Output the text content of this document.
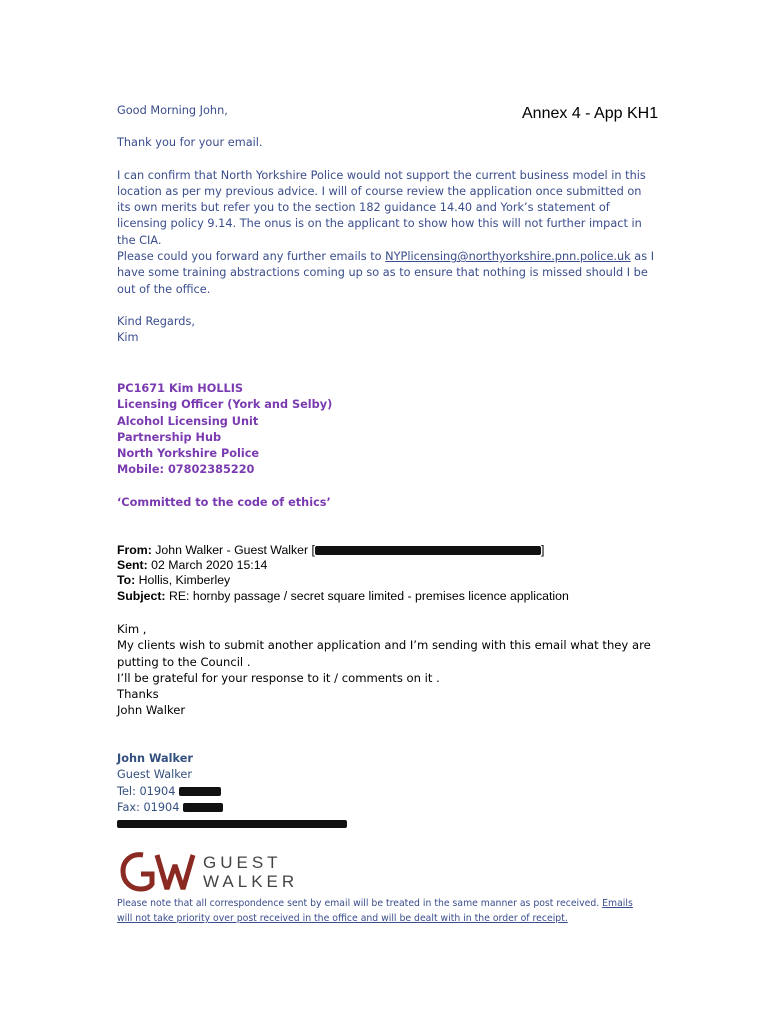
Annex 4 - App KH1

Good Morning John,

Thank you for your email.

I can confirm that North Yorkshire Police would not support the current business model in this location as per my previous advice. I will of course review the application once submitted on its own merits but refer you to the section 182 guidance 14.40 and York’s statement of licensing policy 9.14. The onus is on the applicant to show how this will not further impact in the CIA.

Please could you forward any further emails to NYPlicensing@northyorkshire.pnn.police.uk as I have some training abstractions coming up so as to ensure that nothing is missed should I be out of the office.

Kind Regards,

Kim

PC1671 Kim HOLLIS

Licensing Officer (York and Selby)

Alcohol Licensing Unit

Partnership Hub

North Yorkshire Police

Mobile: 07802385220

‘Committed to the code of ethics’

From: John Walker - Guest Walker [	]

Sent: 02 March 2020 15:14

To: Hollis, Kimberley

Subject: RE: hornby passage / secret square limited - premises licence application

Kim ,

My clients wish to submit another application and I’m sending with this email what they are putting to the Council .

I’ll be grateful for your response to it / comments on it .

Thanks

John Walker

John Walker

Guest Walker

Tel: 01904

Fax: 01904

GUEST
WALKER
Please note that all correspondence sent by email will be treated in the same manner as post received. Emails will not take priority over post received in the office and will be dealt with in the order of receipt.
